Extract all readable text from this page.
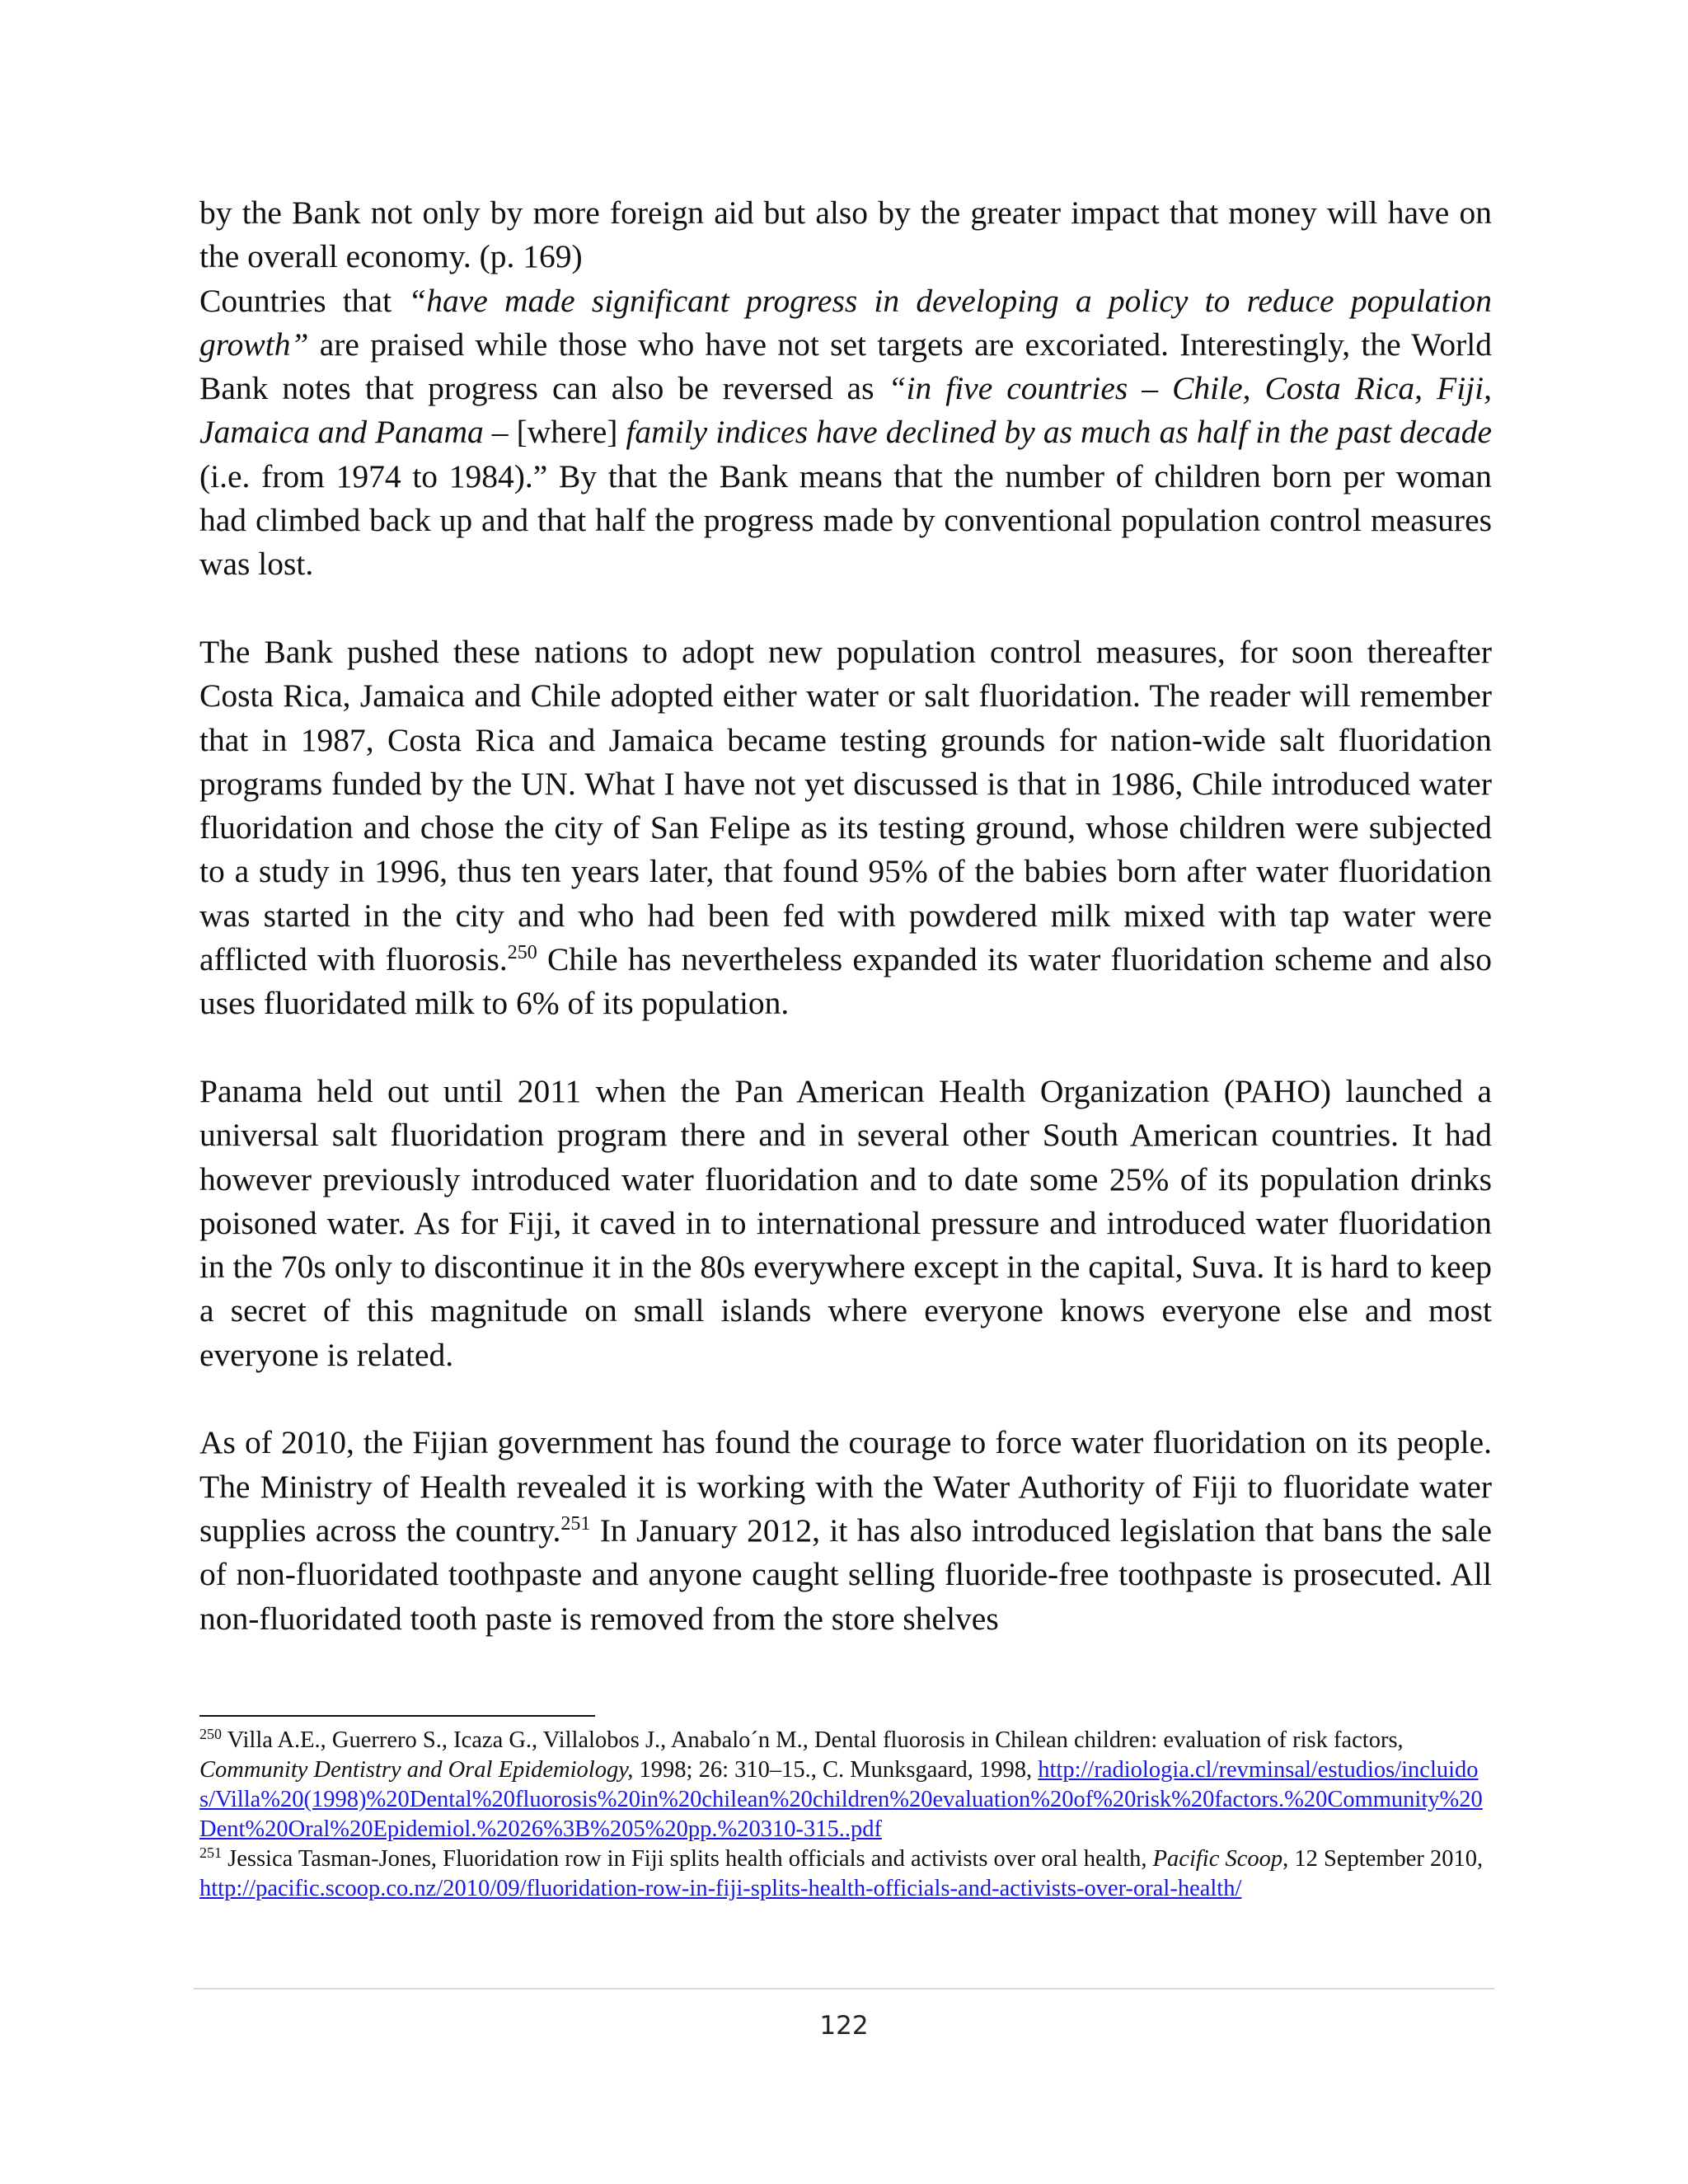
by the Bank not only by more foreign aid but also by the greater impact that money will have on the overall economy. (p. 169)

Countries that “have made significant progress in developing a policy to reduce population growth” are praised while those who have not set targets are excoriated. Interestingly, the World Bank notes that progress can also be reversed as “in five countries – Chile, Costa Rica, Fiji, Jamaica and Panama – [where] family indices have declined by as much as half in the past decade (i.e. from 1974 to 1984).” By that the Bank means that the number of children born per woman had climbed back up and that half the progress made by conventional population control measures was lost.

The Bank pushed these nations to adopt new population control measures, for soon thereafter Costa Rica, Jamaica and Chile adopted either water or salt fluoridation. The reader will remember that in 1987, Costa Rica and Jamaica became testing grounds for nation-wide salt fluoridation programs funded by the UN. What I have not yet discussed is that in 1986, Chile introduced water fluoridation and chose the city of San Felipe as its testing ground, whose children were subjected to a study in 1996, thus ten years later, that found 95% of the babies born after water fluoridation was started in the city and who had been fed with powdered milk mixed with tap water were afflicted with fluorosis.$^{250}$ Chile has nevertheless expanded its water fluoridation scheme and also uses fluoridated milk to 6% of its population.

Panama held out until 2011 when the Pan American Health Organization (PAHO) launched a universal salt fluoridation program there and in several other South American countries. It had however previously introduced water fluoridation and to date some 25% of its population drinks poisoned water. As for Fiji, it caved in to international pressure and introduced water fluoridation in the 70s only to discontinue it in the 80s everywhere except in the capital, Suva. It is hard to keep a secret of this magnitude on small islands where everyone knows everyone else and most everyone is related.

As of 2010, the Fijian government has found the courage to force water fluoridation on its people. The Ministry of Health revealed it is working with the Water Authority of Fiji to fluoridate water supplies across the country.$^{251}$ In January 2012, it has also introduced legislation that bans the sale of non-fluoridated toothpaste and anyone caught selling fluoride-free toothpaste is prosecuted. All non-fluoridated tooth paste is removed from the store shelves

$^{250}$ Villa A.E., Guerrero S., Icaza G., Villalobos J., Anabalo´n M., Dental fluorosis in Chilean children: evaluation of risk factors, Community Dentistry and Oral Epidemiology, 1998; 26: 310–15., C. Munksgaard, 1998, http://radiologia.cl/revminsal/estudios/incluidos/Villa%20(1998)%20Dental%20fluorosis%20in%20chilean%20children%20evaluation%20of%20risk%20factors.%20Community%20Dent%20Oral%20Epidemiol.%2026%3B%205%20pp.%20310-315..pdf

$^{251}$ Jessica Tasman-Jones, Fluoridation row in Fiji splits health officials and activists over oral health, Pacific Scoop, 12 September 2010, http://pacific.scoop.co.nz/2010/09/fluoridation-row-in-fiji-splits-health-officials-and-activists-over-oral-health/

122
